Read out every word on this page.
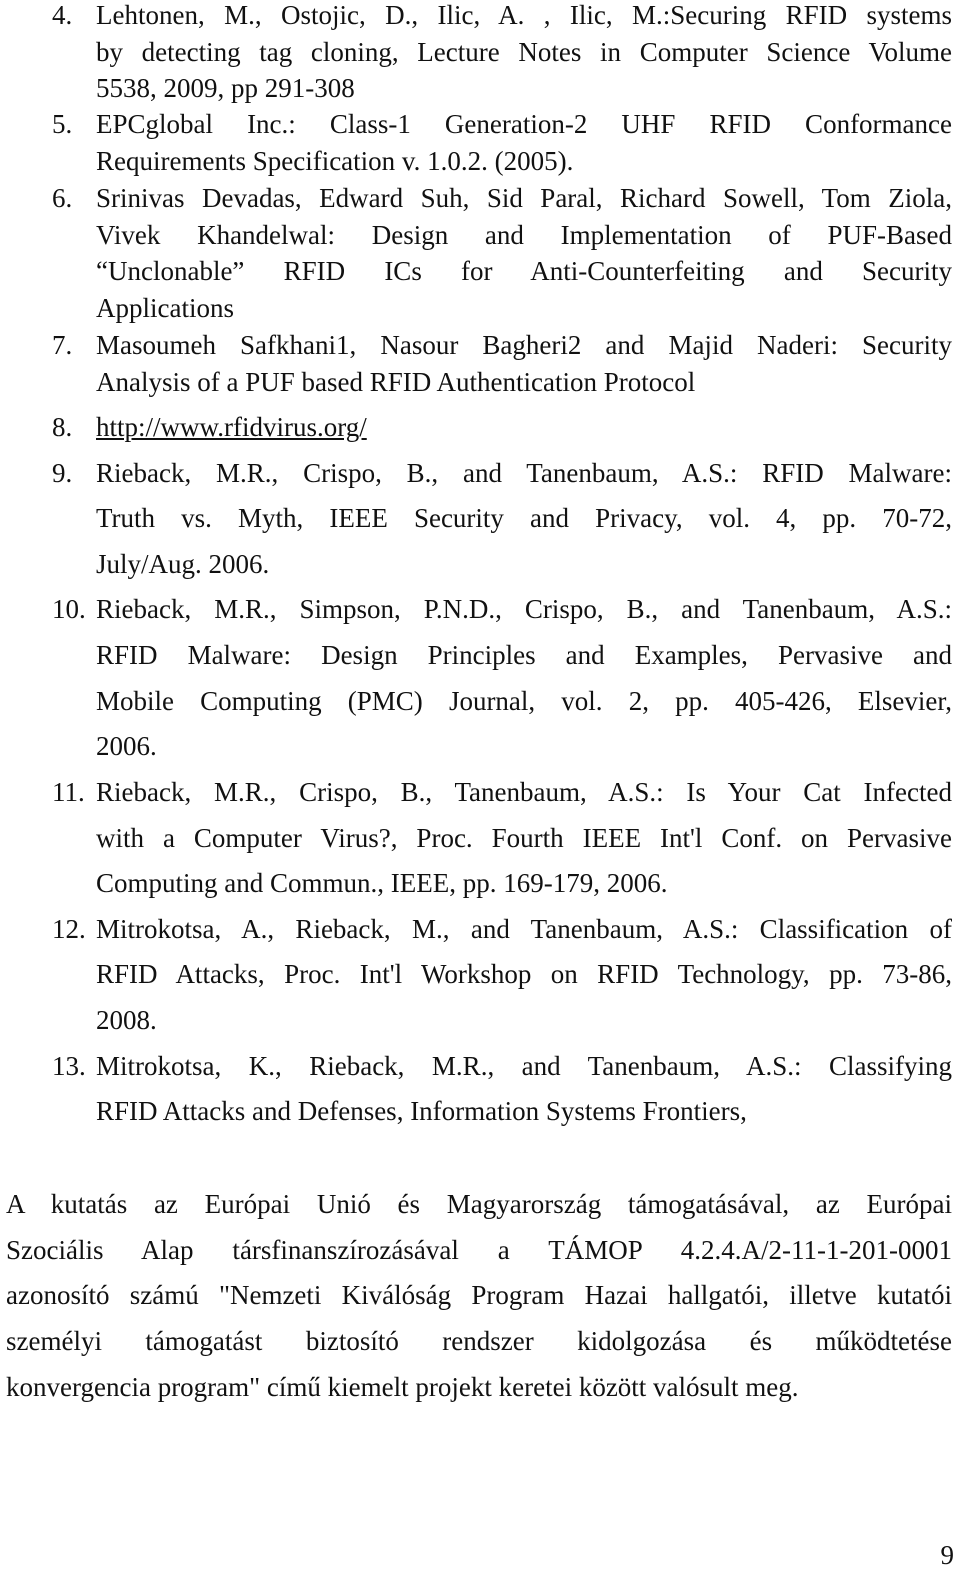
4. Lehtonen, M., Ostojic, D., Ilic, A. , Ilic, M.:Securing RFID systems
by detecting tag cloning, Lecture Notes in Computer Science Volume
5538, 2009, pp 291-308
5. EPCglobal Inc.: Class-1 Generation-2 UHF RFID Conformance
Requirements Specification v. 1.0.2. (2005).
6. Srinivas Devadas, Edward Suh, Sid Paral, Richard Sowell, Tom Ziola,
Vivek Khandelwal: Design and Implementation of PUF-Based
“Unclonable” RFID ICs for Anti-Counterfeiting and Security
Applications
7. Masoumeh Safkhani1, Nasour Bagheri2 and Majid Naderi: Security
Analysis of a PUF based RFID Authentication Protocol
8. http://www.rfidvirus.org/
9. Rieback, M.R., Crispo, B., and Tanenbaum, A.S.: RFID Malware:
Truth vs. Myth, IEEE Security and Privacy, vol. 4, pp. 70-72,
July/Aug. 2006.
10. Rieback, M.R., Simpson, P.N.D., Crispo, B., and Tanenbaum, A.S.:
RFID Malware: Design Principles and Examples, Pervasive and
Mobile Computing (PMC) Journal, vol. 2, pp. 405-426, Elsevier,
2006.
11. Rieback, M.R., Crispo, B., Tanenbaum, A.S.: Is Your Cat Infected
with a Computer Virus?, Proc. Fourth IEEE Int'l Conf. on Pervasive
Computing and Commun., IEEE, pp. 169-179, 2006.
12. Mitrokotsa, A., Rieback, M., and Tanenbaum, A.S.: Classification of
RFID Attacks, Proc. Int'l Workshop on RFID Technology, pp. 73-86,
2008.
13. Mitrokotsa, K., Rieback, M.R., and Tanenbaum, A.S.: Classifying
RFID Attacks and Defenses, Information Systems Frontiers,
A kutatás az Európai Unió és Magyarország támogatásával, az Európai
Szociális Alap társfinanszírozásával a TÁMOP 4.2.4.A/2-11-1-201-0001
azonosító számú "Nemzeti Kiválóság Program Hazai hallgatói, illetve kutatói
személyi támogatást biztosító rendszer kidolgozása és működtetése
konvergencia program" című kiemelt projekt keretei között valósult meg.
9
